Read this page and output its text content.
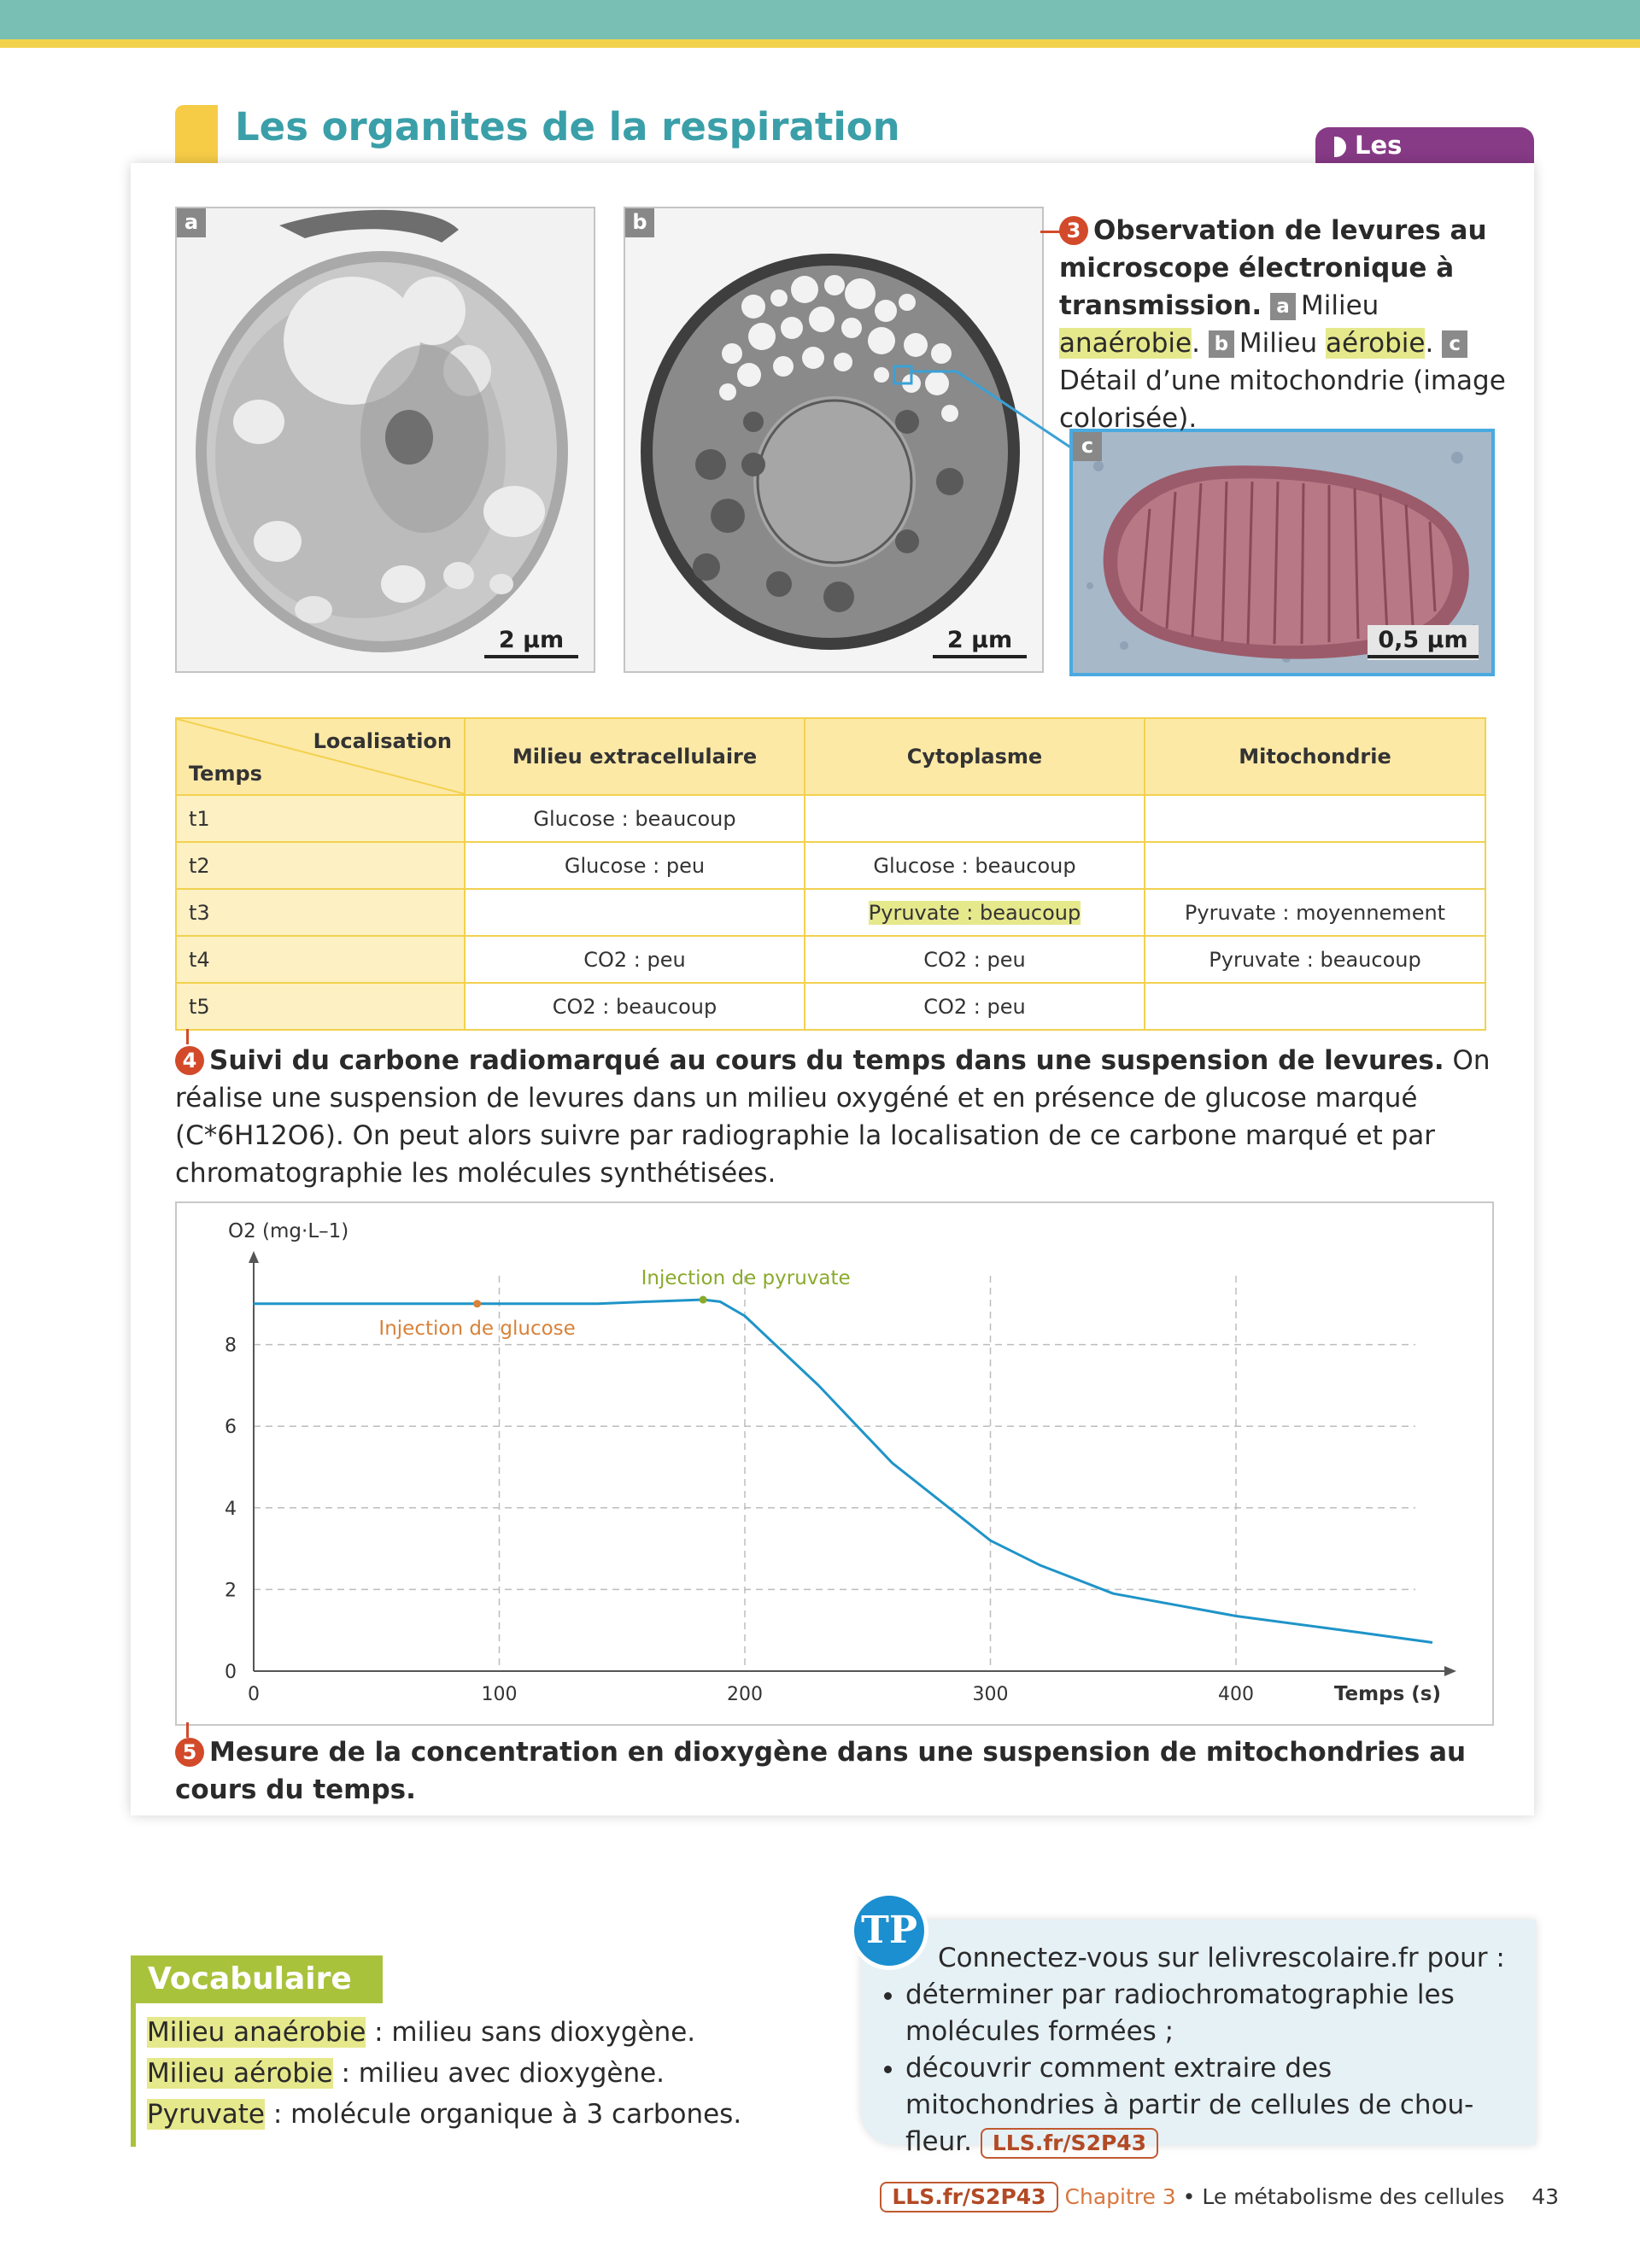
Les organites de la respiration	Les
a
2 µm
b
2 µm
c
0,5 µm
3 Observation de levures au microscope électronique à transmission. a Milieu anaérobie. b Milieu aérobie. cDétail d’une mitochondrie (image colorisée).
Localisation
Temps	Milieu extracellulaire	Cytoplasme	Mitochondrie
t1	Glucose : beaucoup		
t2	Glucose : peu	Glucose : beaucoup	
t3		Pyruvate : beaucoup	Pyruvate : moyennement
t4	CO2 : peu	CO2 : peu	Pyruvate : beaucoup
t5	CO2 : beaucoup	CO2 : peu	
4 Suivi du carbone radiomarqué au cours du temps dans une suspension de levures. On réalise une suspension de levures dans un milieu oxygéné et en présence de glucose marqué (C*6H12O6). On peut alors suivre par radiographie la localisation de ce carbone marqué et par chromatographie les molécules synthétisées.
0
2
4
6
8
0	100	200	300	400	Temps (s)
O2 (mg·L–1)
Injection de glucose
Injection de pyruvate
5 Mesure de la concentration en dioxygène dans une suspension de mitochondries au cours du temps.
Vocabulaire
Milieu anaérobie : milieu sans dioxygène.
Milieu aérobie : milieu avec dioxygène.
Pyruvate : molécule organique à 3 carbones.
TP
Connectez-vous sur lelivrescolaire.fr pour :
• déterminer par radiochromatographie les molécules formées ;
• découvrir comment extraire des mitochondries à partir de cellules de chou-fleur. LLS.fr/S2P43
LLS.fr/S2P43 Chapitre 3 • Le métabolisme des cellules 43
